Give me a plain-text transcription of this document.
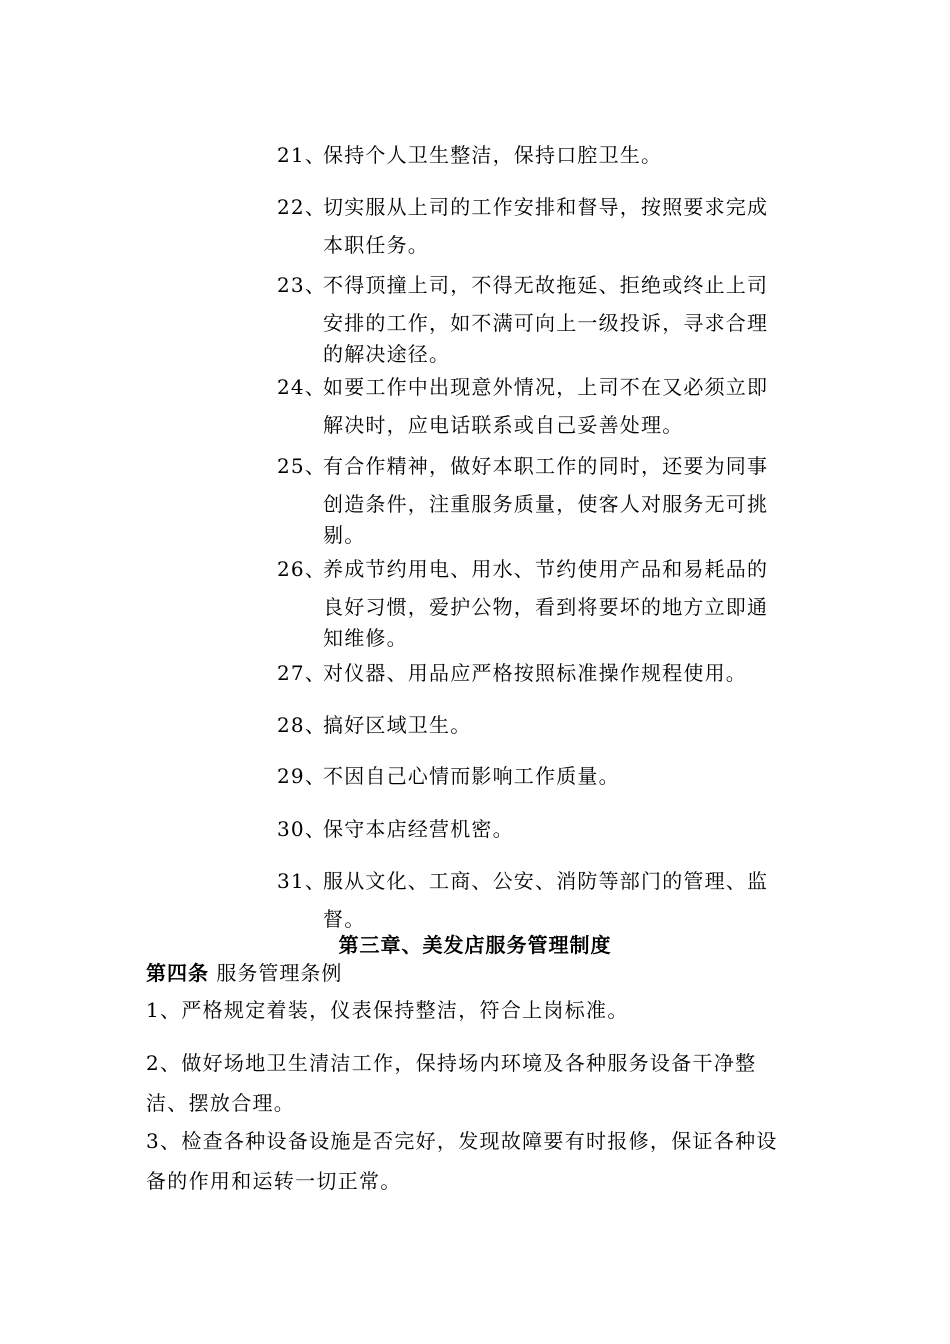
21、保持个人卫生整洁，保持口腔卫生。
22、切实服从上司的工作安排和督导，按照要求完成
本职任务。
23、不得顶撞上司，不得无故拖延、拒绝或终止上司
安排的工作，如不满可向上一级投诉，寻求合理
的解决途径。
24、如要工作中出现意外情况，上司不在又必须立即
解决时，应电话联系或自己妥善处理。
25、有合作精神，做好本职工作的同时，还要为同事
创造条件，注重服务质量，使客人对服务无可挑
剔。
26、养成节约用电、用水、节约使用产品和易耗品的
良好习惯，爱护公物，看到将要坏的地方立即通
知维修。
27、对仪器、用品应严格按照标准操作规程使用。
28、搞好区域卫生。
29、不因自己心情而影响工作质量。
30、保守本店经营机密。
31、服从文化、工商、公安、消防等部门的管理、监
督。
第三章、美发店服务管理制度
第四条 服务管理条例
1、严格规定着装，仪表保持整洁，符合上岗标准。
2、做好场地卫生清洁工作，保持场内环境及各种服务设备干净整
洁、摆放合理。
3、检查各种设备设施是否完好，发现故障要有时报修，保证各种设
备的作用和运转一切正常。
